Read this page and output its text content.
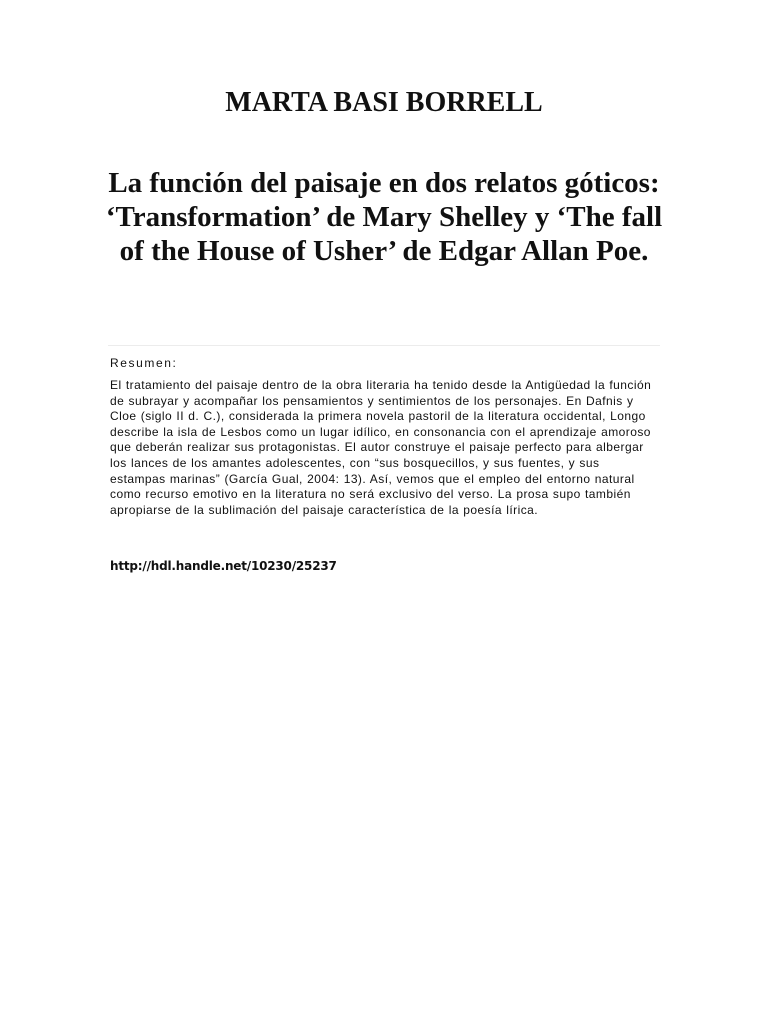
MARTA BASI BORRELL
La función del paisaje en dos relatos góticos: ‘Transformation’ de Mary Shelley y ‘The fall of the House of Usher’ de Edgar Allan Poe.

Resumen:

El tratamiento del paisaje dentro de la obra literaria ha tenido desde la Antigüedad la función de subrayar y acompañar los pensamientos y sentimientos de los personajes. En Dafnis y Cloe (siglo II d. C.), considerada la primera novela pastoril de la literatura occidental, Longo describe la isla de Lesbos como un lugar idílico, en consonancia con el aprendizaje amoroso que deberán realizar sus protagonistas. El autor construye el paisaje perfecto para albergar los lances de los amantes adolescentes, con “sus bosquecillos, y sus fuentes, y sus estampas marinas” (García Gual, 2004: 13). Así, vemos que el empleo del entorno natural como recurso emotivo en la literatura no será exclusivo del verso. La prosa supo también apropiarse de la sublimación del paisaje característica de la poesía lírica.

http://hdl.handle.net/10230/25237
